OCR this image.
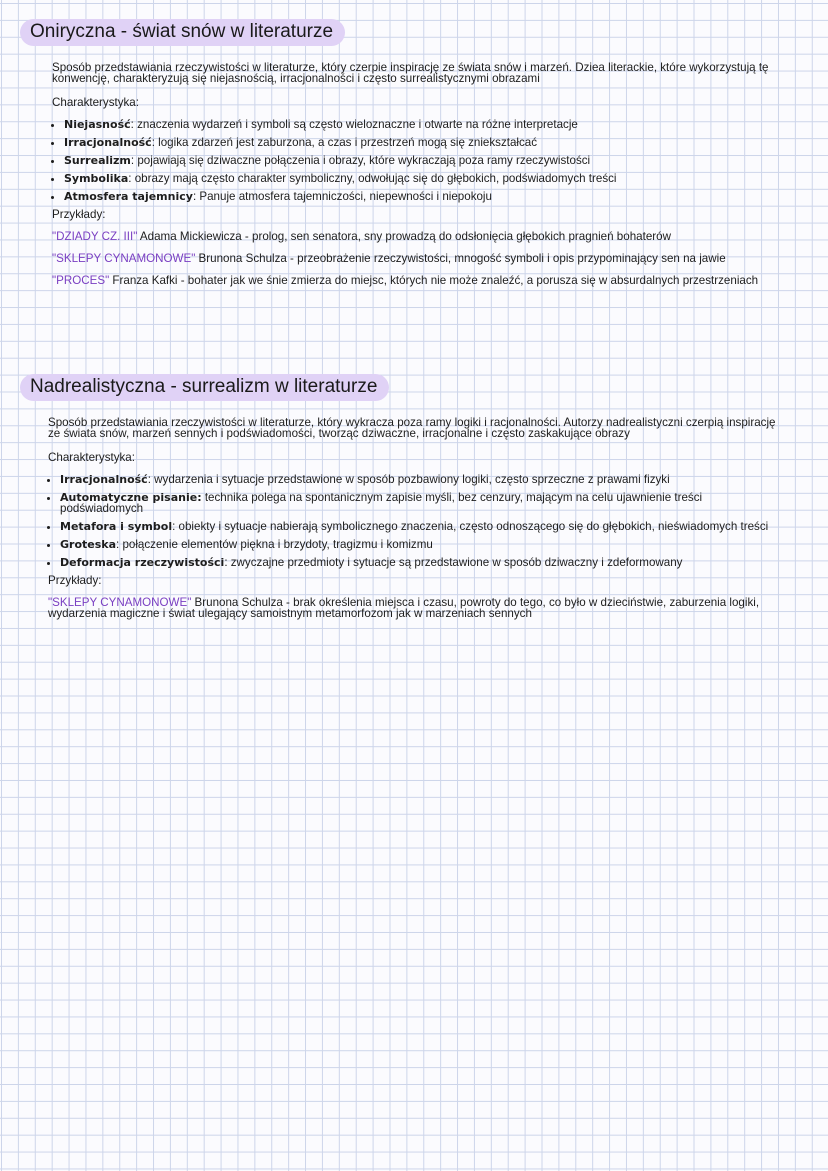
Oniryczna - świat snów w literaturze

Sposób przedstawiania rzeczywistości w literaturze, który czerpie inspirację ze świata snów i marzeń. Dziea literackie, które wykorzystują tę konwencję, charakteryzują się niejasnością, irracjonalności i często surrealistycznymi obrazami

Charakterystyka:

• Niejasność: znaczenia wydarzeń i symboli są często wieloznaczne i otwarte na różne interpretacje
• Irracjonalność: logika zdarzeń jest zaburzona, a czas i przestrzeń mogą się zniekształcać
• Surrealizm: pojawiają się dziwaczne połączenia i obrazy, które wykraczają poza ramy rzeczywistości
• Symbolika: obrazy mają często charakter symboliczny, odwołując się do głębokich, podświadomych treści
• Atmosfera tajemnicy: Panuje atmosfera tajemniczości, niepewności i niepokoju

Przykłady:

"DZIADY CZ. III" Adama Mickiewicza - prolog, sen senatora, sny prowadzą do odsłonięcia głębokich pragnień bohaterów

"SKLEPY CYNAMONOWE" Brunona Schulza - przeobrażenie rzeczywistości, mnogość symboli i opis przypominający sen na jawie

"PROCES" Franza Kafki - bohater jak we śnie zmierza do miejsc, których nie może znaleźć, a porusza się w absurdalnych przestrzeniach

Nadrealistyczna - surrealizm w literaturze

Sposób przedstawiania rzeczywistości w literaturze, który wykracza poza ramy logiki i racjonalności. Autorzy nadrealistyczni czerpią inspirację ze świata snów, marzeń sennych i podświadomości, tworząc dziwaczne, irracjonalne i często zaskakujące obrazy

Charakterystyka:

• Irracjonalność: wydarzenia i sytuacje przedstawione w sposób pozbawiony logiki, często sprzeczne z prawami fizyki
• Automatyczne pisanie: technika polega na spontanicznym zapisie myśli, bez cenzury, mającym na celu ujawnienie treści podświadomych
• Metafora i symbol: obiekty i sytuacje nabierają symbolicznego znaczenia, często odnoszącego się do głębokich, nieświadomych treści
• Groteska: połączenie elementów piękna i brzydoty, tragizmu i komizmu
• Deformacja rzeczywistości: zwyczajne przedmioty i sytuacje są przedstawione w sposób dziwaczny i zdeformowany

Przykłady:

"SKLEPY CYNAMONOWE" Brunona Schulza - brak określenia miejsca i czasu, powroty do tego, co było w dzieciństwie, zaburzenia logiki, wydarzenia magiczne i świat ulegający samoistnym metamorfozom jak w marzeniach sennych
